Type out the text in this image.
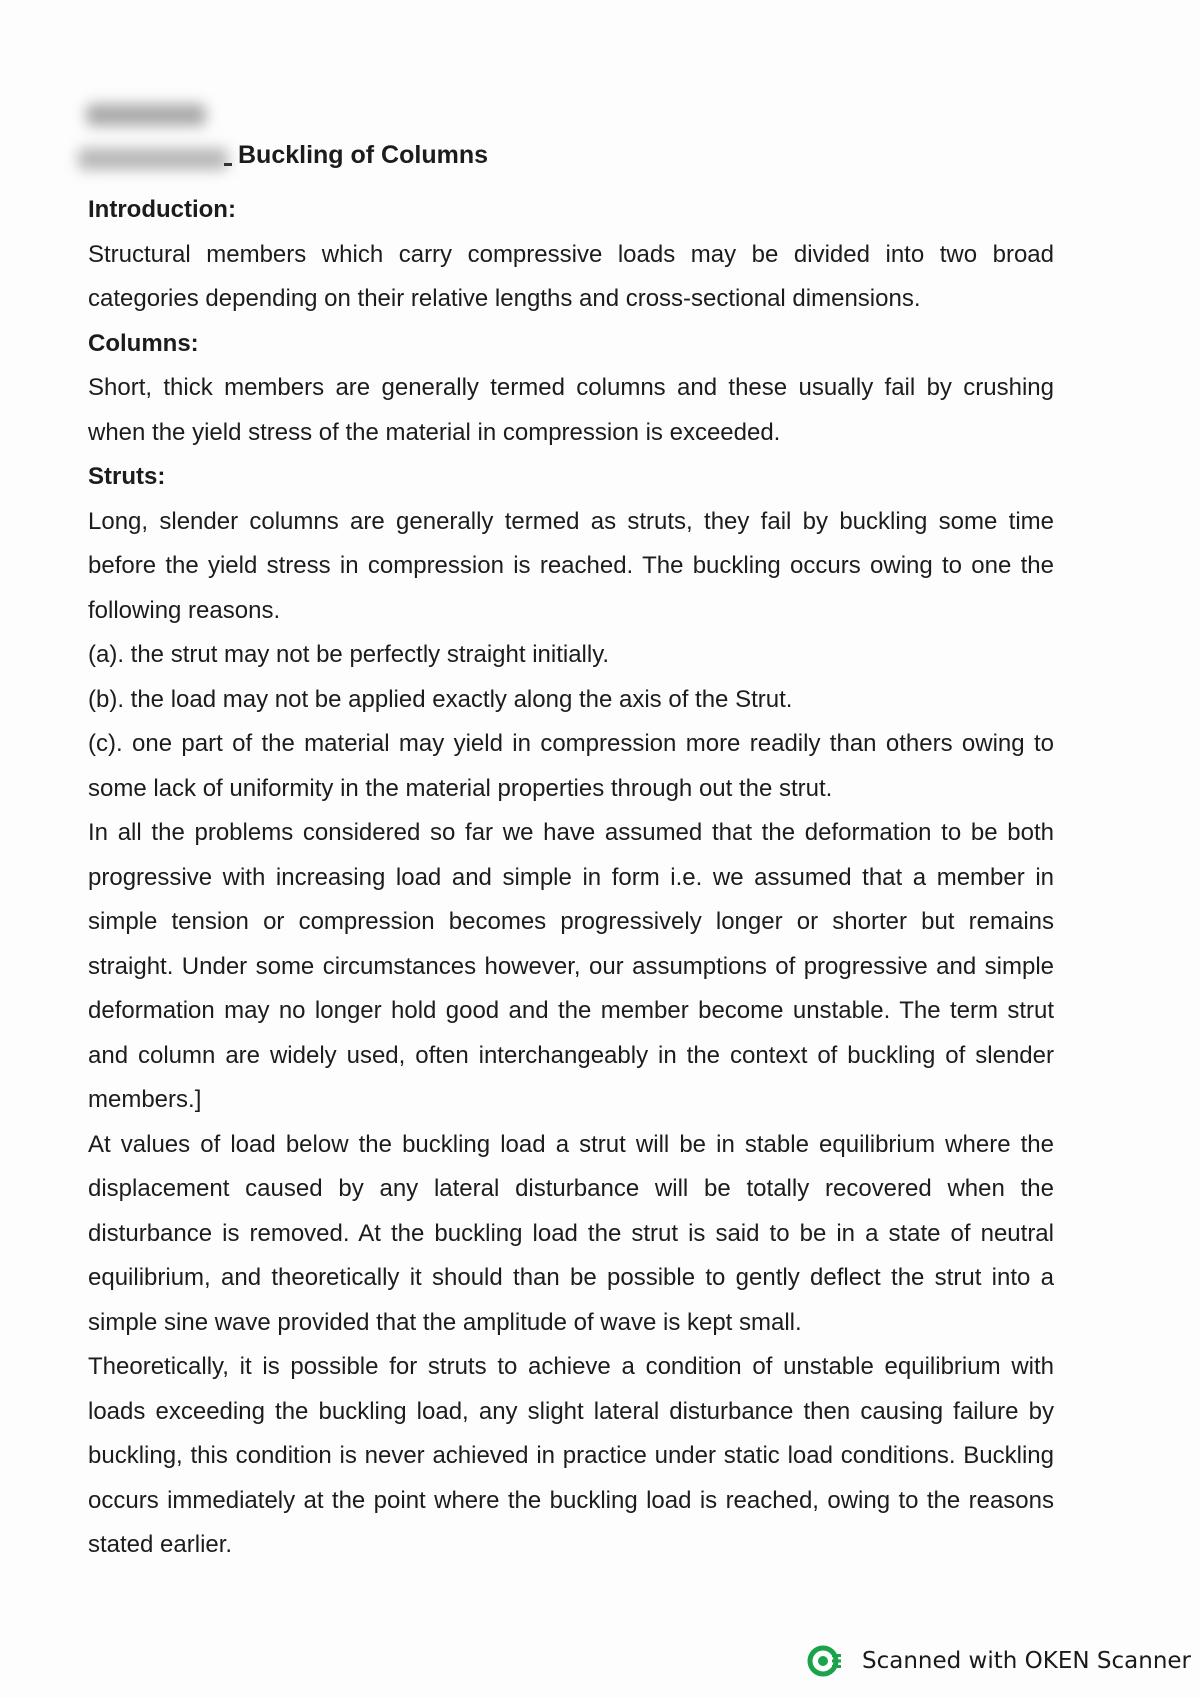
Buckling of Columns
Introduction:

Structural members which carry compressive loads may be divided into two broad categories depending on their relative lengths and cross-sectional dimensions.

Columns:

Short, thick members are generally termed columns and these usually fail by crushing when the yield stress of the material in compression is exceeded.

Struts:

Long, slender columns are generally termed as struts, they fail by buckling some time before the yield stress in compression is reached. The buckling occurs owing to one the following reasons.

(a). the strut may not be perfectly straight initially.

(b). the load may not be applied exactly along the axis of the Strut.

(c). one part of the material may yield in compression more readily than others owing to some lack of uniformity in the material properties through out the strut.

In all the problems considered so far we have assumed that the deformation to be both progressive with increasing load and simple in form i.e. we assumed that a member in simple tension or compression becomes progressively longer or shorter but remains straight. Under some circumstances however, our assumptions of progressive and simple deformation may no longer hold good and the member become unstable. The term strut and column are widely used, often interchangeably in the context of buckling of slender members.]

At values of load below the buckling load a strut will be in stable equilibrium where the displacement caused by any lateral disturbance will be totally recovered when the disturbance is removed. At the buckling load the strut is said to be in a state of neutral equilibrium, and theoretically it should than be possible to gently deflect the strut into a simple sine wave provided that the amplitude of wave is kept small.

Theoretically, it is possible for struts to achieve a condition of unstable equilibrium with loads exceeding the buckling load, any slight lateral disturbance then causing failure by buckling, this condition is never achieved in practice under static load conditions. Buckling occurs immediately at the point where the buckling load is reached, owing to the reasons stated earlier.

Scanned with OKEN Scanner
